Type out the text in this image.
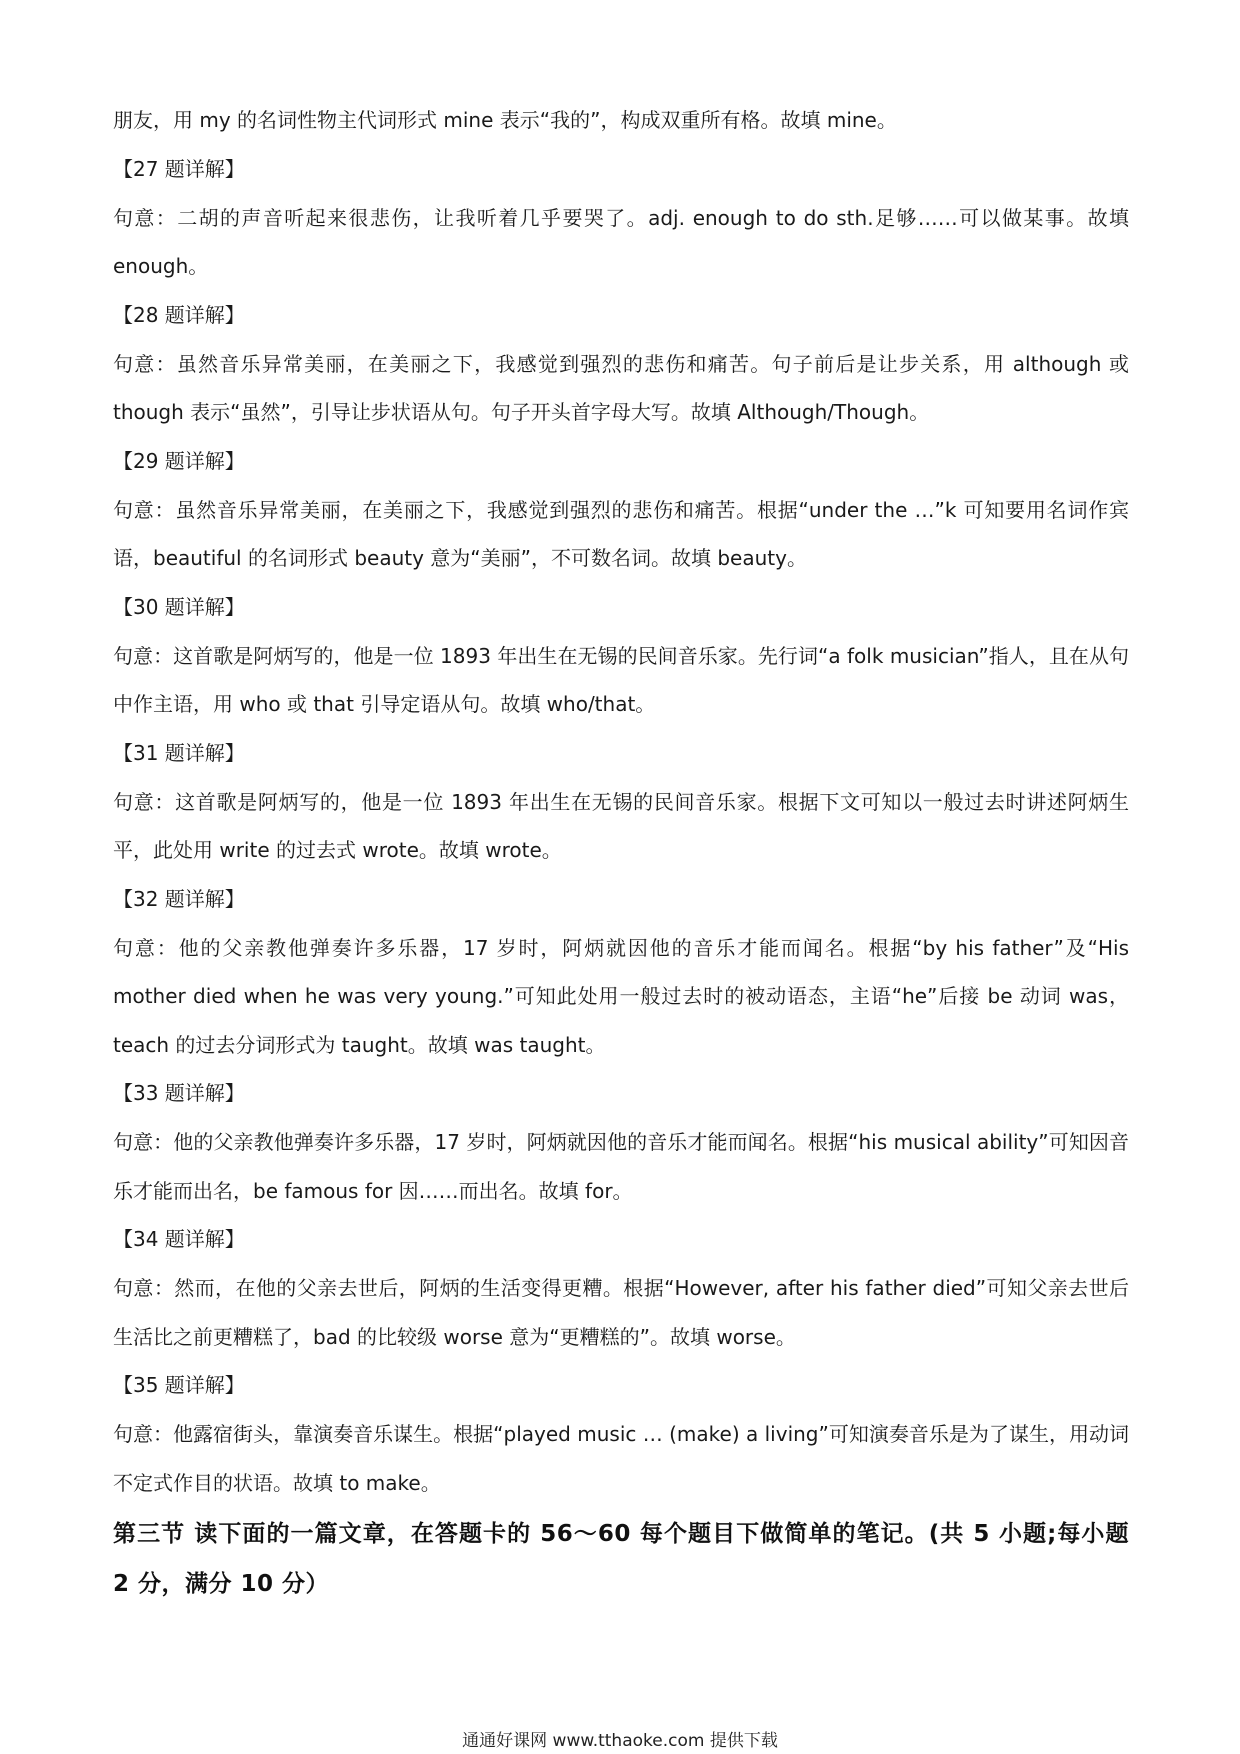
朋友，用 my 的名词性物主代词形式 mine 表示“我的”，构成双重所有格。故填 mine。
【27 题详解】
句意：二胡的声音听起来很悲伤，让我听着几乎要哭了。adj. enough to do sth.足够……可以做某事。故填 enough。
【28 题详解】
句意：虽然音乐异常美丽，在美丽之下，我感觉到强烈的悲伤和痛苦。句子前后是让步关系，用 although 或 though 表示“虽然”，引导让步状语从句。句子开头首字母大写。故填 Although/Though。
【29 题详解】
句意：虽然音乐异常美丽，在美丽之下，我感觉到强烈的悲伤和痛苦。根据“under the …”k 可知要用名词作宾语，beautiful 的名词形式 beauty 意为“美丽”，不可数名词。故填 beauty。
【30 题详解】
句意：这首歌是阿炳写的，他是一位 1893 年出生在无锡的民间音乐家。先行词“a folk musician”指人，且在从句中作主语，用 who 或 that 引导定语从句。故填 who/that。
【31 题详解】
句意：这首歌是阿炳写的，他是一位 1893 年出生在无锡的民间音乐家。根据下文可知以一般过去时讲述阿炳生平，此处用 write 的过去式 wrote。故填 wrote。
【32 题详解】
句意：他的父亲教他弹奏许多乐器，17 岁时，阿炳就因他的音乐才能而闻名。根据“by his father”及“His mother died when he was very young.”可知此处用一般过去时的被动语态，主语“he”后接 be 动词 was，teach 的过去分词形式为 taught。故填 was taught。
【33 题详解】
句意：他的父亲教他弹奏许多乐器，17 岁时，阿炳就因他的音乐才能而闻名。根据“his musical ability”可知因音乐才能而出名，be famous for 因……而出名。故填 for。
【34 题详解】
句意：然而，在他的父亲去世后，阿炳的生活变得更糟。根据“However, after his father died”可知父亲去世后生活比之前更糟糕了，bad 的比较级 worse 意为“更糟糕的”。故填 worse。
【35 题详解】
句意：他露宿街头，靠演奏音乐谋生。根据“played music … (make) a living”可知演奏音乐是为了谋生，用动词不定式作目的状语。故填 to make。
第三节 读下面的一篇文章，在答题卡的 56～60 每个题目下做简单的笔记。(共 5 小题;每小题 2 分，满分 10 分）
通通好课网 www.tthaoke.com 提供下载
